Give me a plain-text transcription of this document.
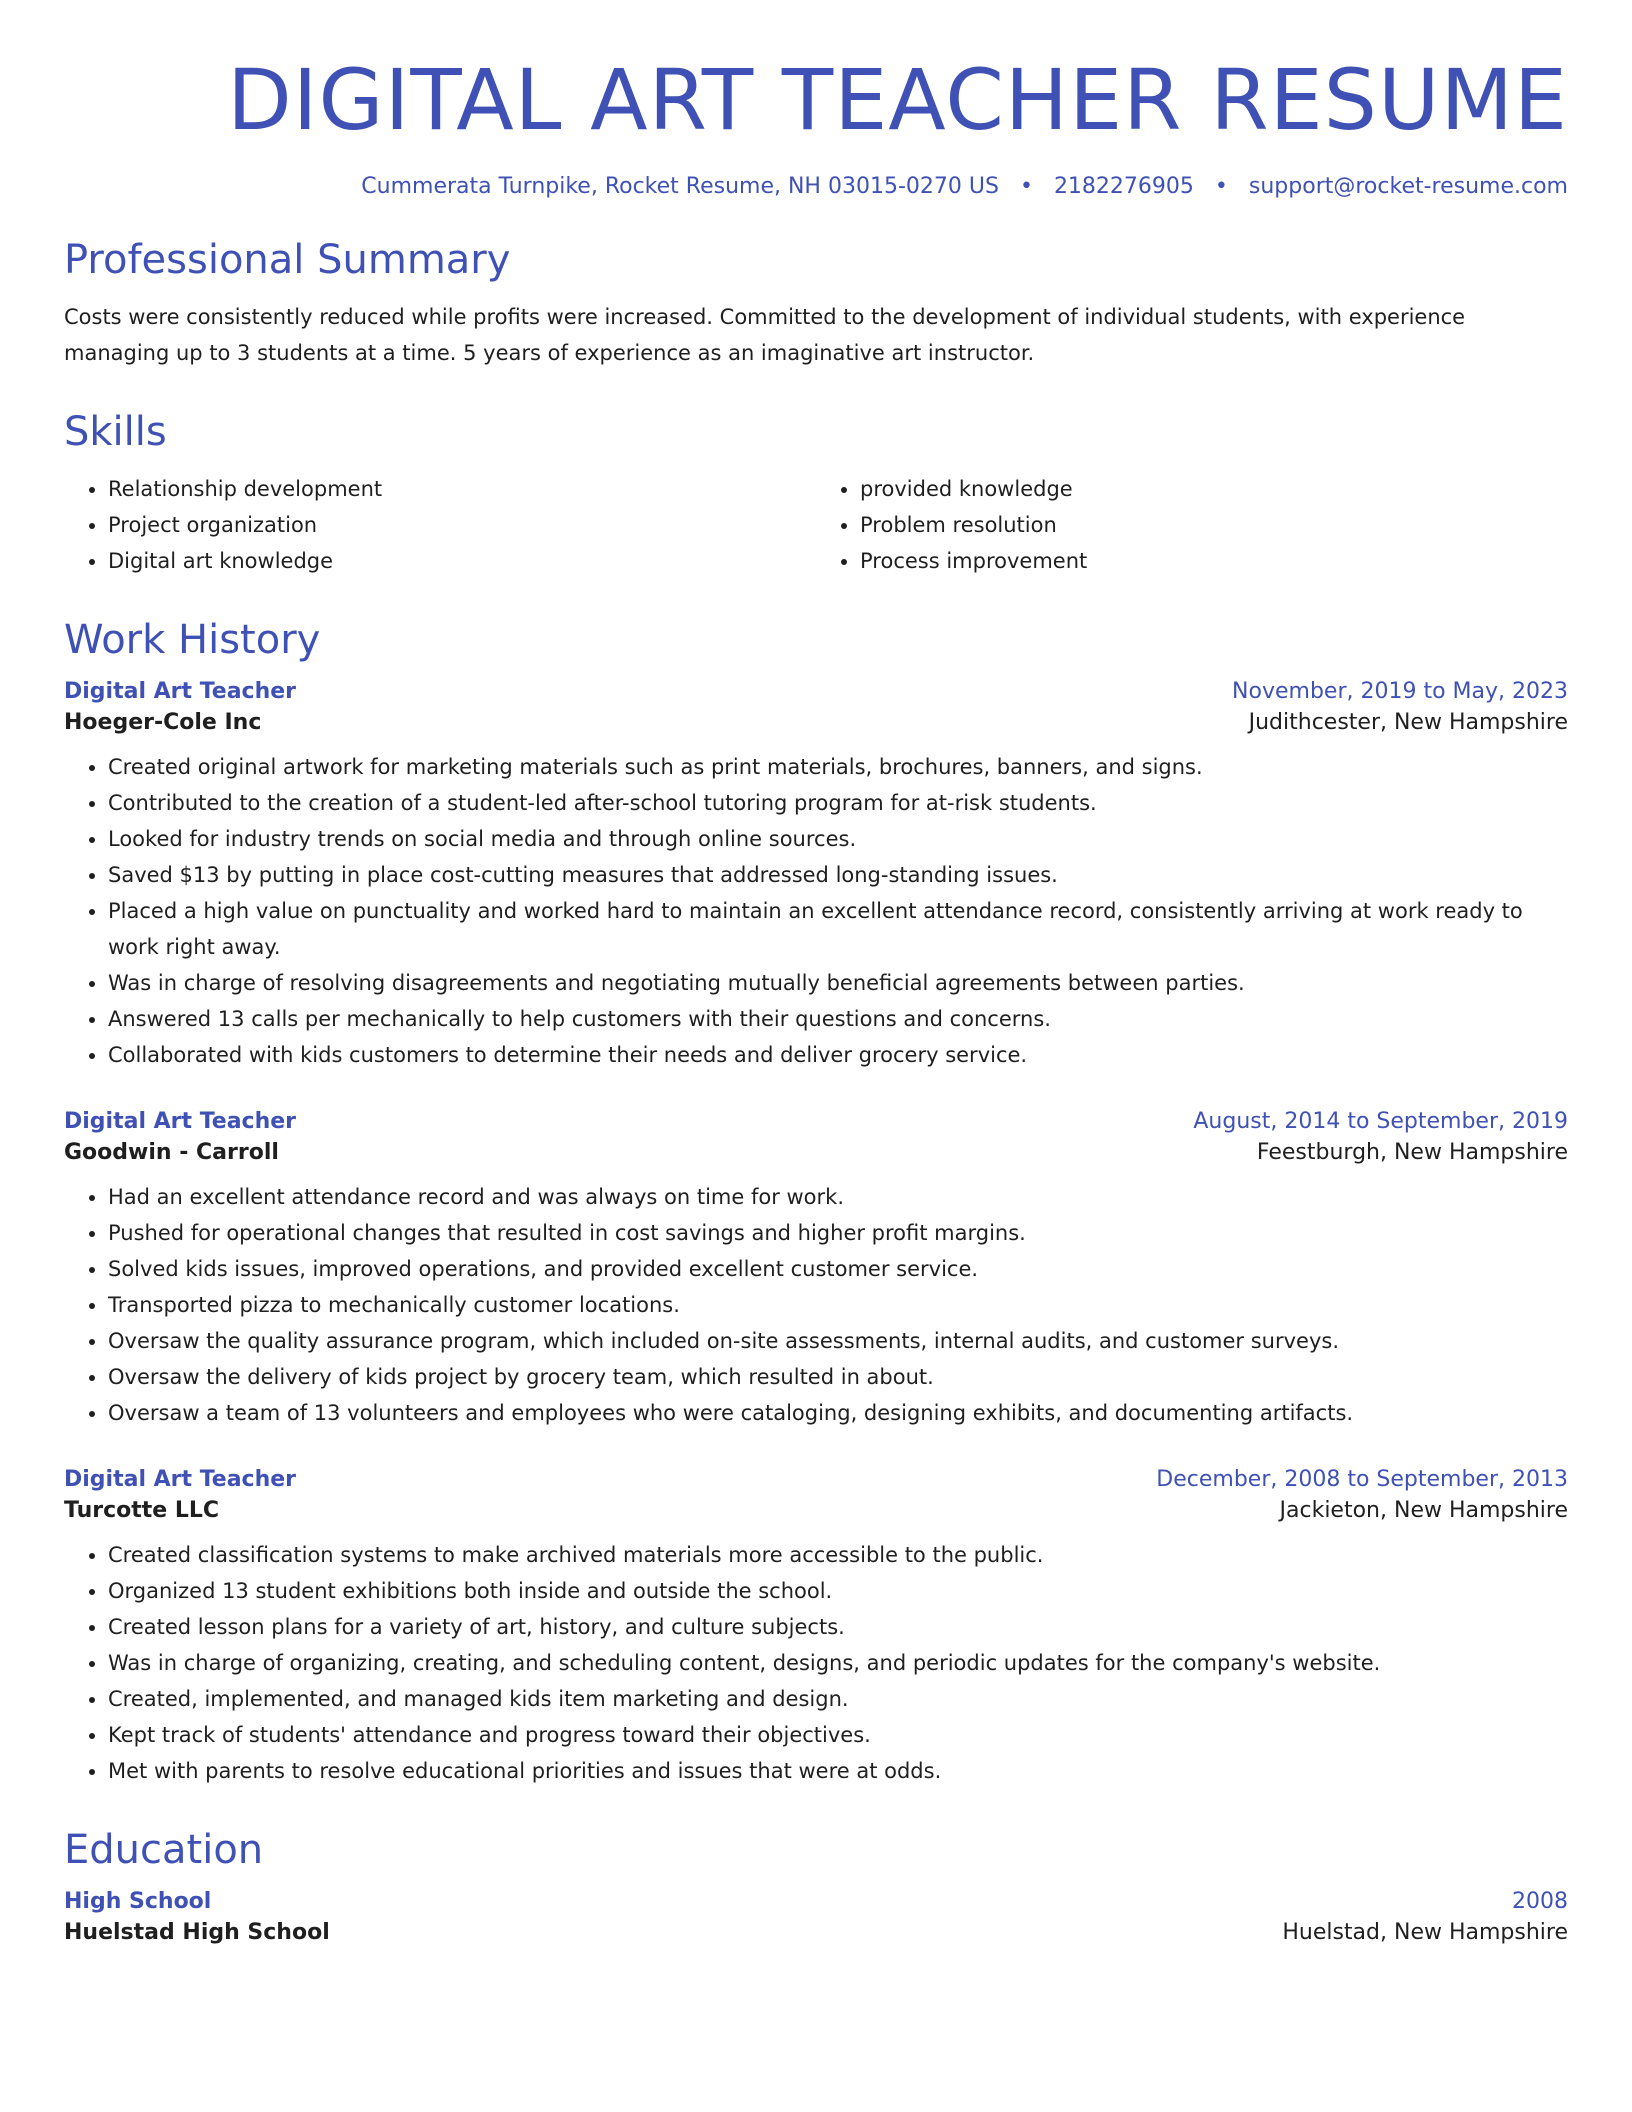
DIGITAL ART TEACHER RESUME
Cummerata Turnpike, Rocket Resume, NH 03015-0270 US • 2182276905 • support@rocket-resume.com
Professional Summary

Costs were consistently reduced while profits were increased. Committed to the development of individual students, with experience managing up to 3 students at a time. 5 years of experience as an imaginative art instructor.

Skills
• Relationship development
• Project organization
• Digital art knowledge
• provided knowledge
• Problem resolution
• Process improvement
Work History
Digital Art Teacher	November, 2019 to May, 2023
Hoeger-Cole Inc	Judithcester, New Hampshire
• Created original artwork for marketing materials such as print materials, brochures, banners, and signs.
• Contributed to the creation of a student-led after-school tutoring program for at-risk students.
• Looked for industry trends on social media and through online sources.
• Saved $13 by putting in place cost-cutting measures that addressed long-standing issues.
• Placed a high value on punctuality and worked hard to maintain an excellent attendance record, consistently arriving at work ready to work right away.
• Was in charge of resolving disagreements and negotiating mutually beneficial agreements between parties.
• Answered 13 calls per mechanically to help customers with their questions and concerns.
• Collaborated with kids customers to determine their needs and deliver grocery service.
Digital Art Teacher	August, 2014 to September, 2019
Goodwin - Carroll	Feestburgh, New Hampshire
• Had an excellent attendance record and was always on time for work.
• Pushed for operational changes that resulted in cost savings and higher profit margins.
• Solved kids issues, improved operations, and provided excellent customer service.
• Transported pizza to mechanically customer locations.
• Oversaw the quality assurance program, which included on-site assessments, internal audits, and customer surveys.
• Oversaw the delivery of kids project by grocery team, which resulted in about.
• Oversaw a team of 13 volunteers and employees who were cataloging, designing exhibits, and documenting artifacts.
Digital Art Teacher	December, 2008 to September, 2013
Turcotte LLC	Jackieton, New Hampshire
• Created classification systems to make archived materials more accessible to the public.
• Organized 13 student exhibitions both inside and outside the school.
• Created lesson plans for a variety of art, history, and culture subjects.
• Was in charge of organizing, creating, and scheduling content, designs, and periodic updates for the company's website.
• Created, implemented, and managed kids item marketing and design.
• Kept track of students' attendance and progress toward their objectives.
• Met with parents to resolve educational priorities and issues that were at odds.
Education
High School	2008
Huelstad High School	Huelstad, New Hampshire
